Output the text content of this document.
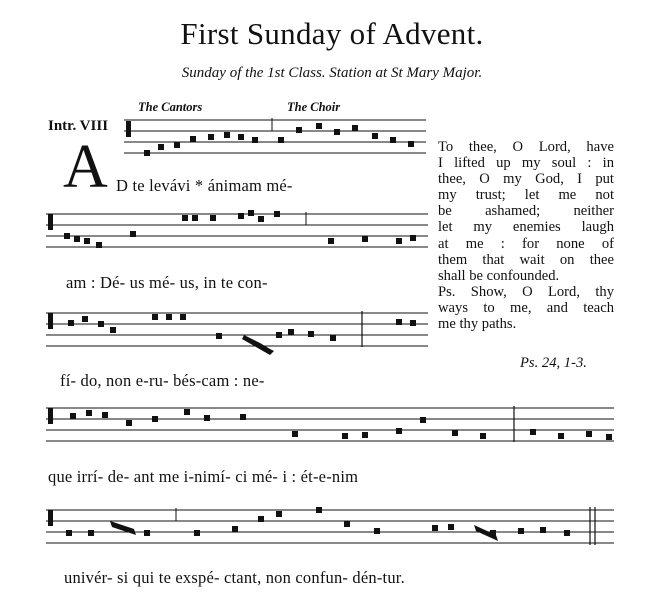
First Sunday of Advent.
Sunday of the 1st Class. Station at St Mary Major.
The Cantors	The Choir
Intr. VIII
A D te levávi * ánimam mé-
am : Dé- us mé- us, in te con-
fí- do, non e-ru- bés-cam : ne-
que irrí- de- ant me i-nimí- ci mé- i : ét-e-nim
univér- si qui te exspé- ctant, non confun- dén-tur.
To thee, O Lord, have
I lifted up my soul : in
thee, O my God, I put
my trust; let me not
be ashamed; neither
let my enemies laugh
at me : for none of
them that wait on thee
shall be confounded.
Ps. Show, O Lord, thy
ways to me, and teach
me thy paths.
Ps. 24, 1-3.
